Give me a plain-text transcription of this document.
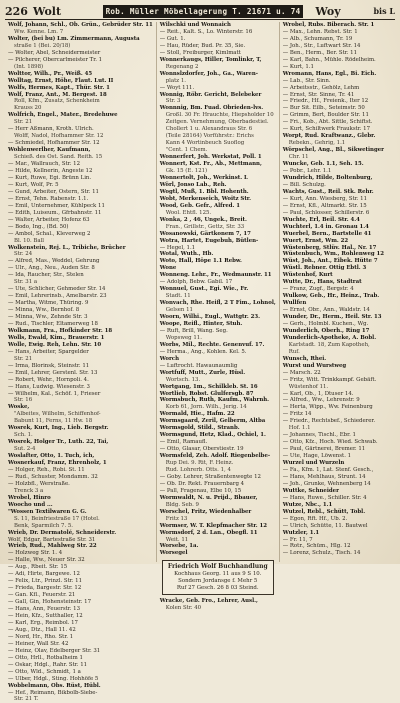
226 Wolt	Rob. Müller Möbellagerung T. 21671 u. 74	Woy	bis L
Wolf, Johann, Schl., Ob. Grün., Gebrüder Str. 11
Ww. Kenne. Lm. 7
Wolter, (bei bu) Lm. Zimmermann, Augusta
straße 1 (Bei. 20/18)
— Wolter, Abel, Schneidermeister
— Pilcherer, Obercarlmeister Tr. 1
(Int. 1898)
Wolttor, Wilh., Pr., Weiß. 45
Wolltag, Ernst, Höhe, Flaut. Lut. II
Wolfs, Hermes, Kapt., Thür. Str. 1
Wolf, Franz, Ant., M. Bergest. 18
Roll, Kfm., Zusatz, Schenkheim
Krauss 20
Wolfrich, Engel., Mater., Bredehuwe
Str. 21
— Herr Aßmann, Kroth. Ulrich.
Wolff, Nadol, Hofhammer Str. 12
— Schmiedel, Hofhammer Str. 12
Wohlenwerlher, Kaufmann,
Schieß. des Ost. Sand. Reith. 15
— Mar., Wallrauch, Str. 12
— Hilde, Kellnerin, Angeste 12
— Kurt, Ruwe, Egi. Brünn Lin.
— Kurt, Wolf, Pr. 5
— Gund, Arbeiter, Ostern, Str. 11
— Ernst, Tehn. Rabenstr. 1.1.
— Emil, Unternehmer, Kühlpeck 11
— Edith, Luiseum., Gfrbahnstr. 11
— Walter, Arbeiter, Hofenz 63
— Bodo, Ing., (Bd. 50)
— Ambol, Schal., Kleverweg 2
Bl. 10. Ball
Wolkenstein, Rej. L., Tribiche, Brücher
Str. 24
— Alfred, Mas., Weddel, Gehrung
— Ulr., Ang., Neu., Auden Str. 8
— Ida, Raucher, Str., Stelen
Str. 31 a
— Ute, Schlicher, Gehmeder Str. 14
— Emil, Lehrerinsb., Amelbarstr. 23
— Martha, Witme, Thüring. 9
— Minna, Ww., Bernhof. 8
— Minna, Ww., Zehnde Str. 3
— Rud., Tischler, Eltamerweg 18
Wolkmann, Fra., Hofkinder Str. 18
Wolls, Ewald, Kim., Brauerstr. 1
Wolle, Ewig. Reh, Lehn. Str. 10
— Hans, Arbeiter, Spargelder
Str. 21
— Irma, Blorinsk, Steinstr. 11
— Emil, Lehrer, Gerstenl. Str. 13
— Robert, Wehr., Hornpoli. 4.
— Hans, Ludwig. Wiesenstr. 3
— Wilhelm, Kal., Schöf. 1, Frieser
Str. 16
Woske,
"Albeites, Wilhelm, Schiffenhof-
Babunt 11, Ferns, 11 Hw. 18
Wosrek, Kurt, Ing., Lieb. Bergstr.
Sch. 1.
Wosrek, Holger Tr., Luth. 22, Tai,
Sut. 2-4
Woslafter, Otto, 1. Tuch, ich,
Wosnerkauf, Franz, Ehrenholz, 1
— Holger, Reh., Robi. St. 11
— Rud., Schuster, Mondamm. 32
— Holzbfl., Werstraße.
Trenck 3 a
Wrobel, Hinro
Woocho und ...
"Wossen Textilwaren G. G.
S. 11, Beinfriestraße 17 (Hotel.
Benk, Sparmilch 7. 5.
Wrieb, Dr. Dermatolé, Schneiderstr.
Wolf, Edgar, Bartestraße Str. 31
Wrieb, Rud., Mahlweg Str. 22
— Holzweg Str. 1. 4
— Halle, Ww., Neuer Str. 32
— Aug., Rbeit. Str. 15
— Adi, Hirte, Bargewe. 12
— Felix, Ltr., Prinzl. Str. 11
— Frieda, Bargestr. Str. 12
— Gan. Kfl., Feuerstr. 21
— Gall, Gin, Hohensteinstr. 17
— Hans, Ann, Feuerstr. 13
— Hein, Kfz., Sutthaller, 12
— Karl, Erg., Reimbol. 17
— Aug., Dtz., Hall 11. 42
— Nord, Hr., Rho. Str. 1
— Heiner, Wall Str. 42
— Heinz, Olav, Edelberger Str. 31
— Otto, Hrll., Rotbalheim 1
— Oskar, Hdgl., Rahr. Str. 11
— Otto, Wld., Schmidt, 1 a
— Ulber, Hdgl., Sting. Hohhöfe 5
Wobbelmann, Obs. Rüst, Hübl.
— Hef., Reimann, Bikbolb-Siebe-
Str. 21 T.
Wilschki und Wonnaich
— Reit., Kalt. S., Lo. Winterstr. 16
— Gut. 1.
— Hau, Rüder, Bud. Pr. 35, Sie.
— Stoll, Freiburger, Kimlmatt
Wonnerkaugs, Hiller, Tomlinkr, T,
Regenang 2
Wonnslzdorfer, Joh., Ga., Waren-
platz 1.
— Woyt 111.
Wonnig, Röbr. Gericht, Belebeker
Str. 3
Wonnnig, Bm. Fuad. Obrieden-lvs.
Großl. 30 Fr. Hrauchte, Hiepsholder 10
Zeitgen. Vernehmung, Oberbadestiel.
Chollert 1 u. Alexandraus Str. 6
(Teile 28164) Vorführstr.: Erichs
Kann 4 Wortinbeuch Suoflog
"Cent. 1 Chem.
Wonnerfert, Joh. Werkstat, Poll. 1
Wonnert, Kst. Fr., Ab., Mettmann,
Gk. 15 (E. 121)
Wonnertolt, Joh., Werkinst. L
Wörl, Jonso Lab., Reh.
Wogtl, Muß, 1. Bbl. Hohenth.
Wobt, Merkenseich, Woitz Str.
Wood, Geb. Gefr., Alfred. 1
Wool. Ehtfl. 125.
Wonka, 2 , 46, Ungek., Breit.
Fran., Grillstr., Gettz, Str. 33
Wosanowski, Gärtkonem 7, 17
Wotra, Hartet, Eugebuh, Bütlen-
— Hegel, 1.1
Wotal, Wuth., Hb.
Woto, Hall, Höpe 1.1 Rebw.
Wone
Wonneng. Lehr., Fr., Wedmaunstr. 11
— Adolph, Bebw. Gabil. 17
Wonnuel, Gust., Egi. Wie., Fr.
Stadt. 11
Wonvach, Rhe. Heifl, 2 T Fim., Lohnol,
Gelsen 11
Woorn, Wilhi., Eugl., Wattgtr. 23.
Woope, Reifl., Hinter, Stuh.
— Ruft, Brill, Wang. Seg.
Wopsweg 11.
Worbs, Mil., Rechte. Genenvuf. 17.
— Herma., Ang., Kohlen. Kel. 5.
Worch
— Luftrocht. Hawaunaumlig
Wortfuff, Mutt., Zurle, Hüsl.
Wortsch. 13.
Wortgang, 1m., Schilkleb. St. 16
Wortlieb, Robst. Glulfersgb. 87
Wormsbuch, Ruth, Kaufm., Wahrnh.
Korb 61, Jorn. Wilh., Jerig. 14
Wormald, Hie., Hafm. 22
Wormsgaard, Zeril, Gelberm, Altba
Wormsgold, Stild., Stranb.
Wormsgund, Hetz, Klad., Ochiel, 1.
— Emil, Ramaufl.
— Otto, Glasar, Oberstiestr. 19
Wormsfeld, Zeh. Adolf. Riegenbelbe-
Rup Dei. 9. Rit, F. Heinz.
Rud. Lohrerb. Otts. 1, 4
— Goby. Lehrer, Straßentenwegte 12
— Ob. Dr. Rekt. Frauernbarg 4
— Pall, Fragenau, Elbe 10, 15
Wormwaldt, N. u. Prijd., Bbauer,
Bldg. Seb. 9
Worschel, Fritz, Wiedenhalber
Fritz 13
Wormser, W. T. Klepfmacher Str. 12
Wormsdorf, 2 d. Lan., Obegfl. 11
Weit. 11
Worsebe, 1a.
Worsegel
Friedrich Wolf Buchhandlung
Kochhaus Georg. 11 aus 9 S 10.
Sondern Jordansge f. Mehr 5
Ruf 27 Gesch. 26 8 03 Steind.
Wracke, Geb. Fro., Lehrer, Ausl.,
Kolen Str. 40
Wrobel, Rubs. Biberach. Str. 1
— Max., Lehn. Rebst. Str. 1
— Alb., Schumann, Tr. 19
— Joh., Str., Luftwart Str. 14
— Ben., Herm., Ber. Str. 11
— Karl, Bahn., Mühle. Rödelheim.
— Kurt, 1.1
Wromann, Hans, Egl., Bi. Eich.
— Lab., Str. Sinn.
— Arbeitsstr., Gehölz, Lehm
— Ernst, Str. Sinne, Tr. 41
— Friedr., Hf., Freienk., Iter 12
— Bur Sit. Eilb., Seteimstr. 50
— Grimm, Bert, Boulder Str. 11
— Fri., Kob., Abt. Sittle, Schiftst.
— Kurt, Schiltwerk Fraukstr. 17
Worpt, Rud. Kraftwanz., Glebr.
Rebekn., Gehrig, 1.1
Wörpschel, Ang., Bl., Sikwetinger
Chr. 11
Wuncke, Geb. 1.1, Seh. 15.
— Pobr., Lehr. 1.1
Wundrich, Hilde, Boltenburg,
— Bill. Schulzg.
Wachts, Gust., Reil. Stk. Rehr.
— Kurt, Ann. Wiesberg, Str. 11
— Ernst, Kfl., Altmarkt. Str. 15
— Paul, Schlosser, Schillerstr. 6
Wuchte, Erl, Beil. Str. 4.4
Wuchterl, 1.4 in. Gronau 1.4
Wuerbel, Bern., Bartstelle 41
Wuert, Ernst, Wm. 22
Wüstenberg, Stlüv. Hal., Nr. 17
Wüstenbuch, Wm., Rohlenweg 12
Wüst, Joh., Ant., Eibek. Hütte 7
Wüstl. Rebner. Ottig Ebtl. 3
Wüstenhof, Kurt
Wutte, Dr., Hans, Stadtrat
— Franz, Zugf., Bergstr. 4
Wulkow, Geb., Hr., Heinz., Trab.
Wullfen
— Ernst, Obr., Ann., Waldstr. 14
Wunder, Dr., Herm., Heil. Str. 13
— Gerh., Holmbl. Kuchen., Wg.
Wunderlich, Oberh., Ring 17
Wunderlich-Apotheke, A. Bobl.
Karlstadt. 18, Zum Kapotheh,
Ruf.
Wunsch, Rhei.
Wurst und Wurstweg
— Marsch. 22
— Fritz, Witt. Trinkkampf. Gebäft.
Wüstenhof 11.
— Karl, Ob., 1, Dtuser 14.
— Alfred., Ww., Lehrenstr. 9
— Herta, Wipp., Ww. Feinenburg
— Fritz 14
— Friedr., Rechtsbef., Schiederer.
Hof. 1.1
— Johannes, Tischl., Ebr. 1
— Otto, Kfz., Hoch. Wied. Schwab.
— Paul, Gärtnerei, Bremer. 11
— Ute, Hage, Löwenst. 1
Wurzel und Wurzeln
— Fa., Kfm. 1, Lat. Stenf. Gesch.,
— Hans, Mehlhaus, Strunt. 14
— Joh., Grunke, Wehnenberg 14
Wuttke, Schneider
— Hans, Ruwe., Schiller. Str. 4
Wutze, Nbc., 1.1
Wutzel, Rebl., Schütt, Tobl.
— Egon, Rft. Hf., Ub. 2.
— Ulrich, Schütte, 11. Bautwel
Wutzler, 1.1
— Fr. 11, 7
— Rotr., Schüm., Hlg. 12
— Lorenz, Schulz., Tisch. 14
